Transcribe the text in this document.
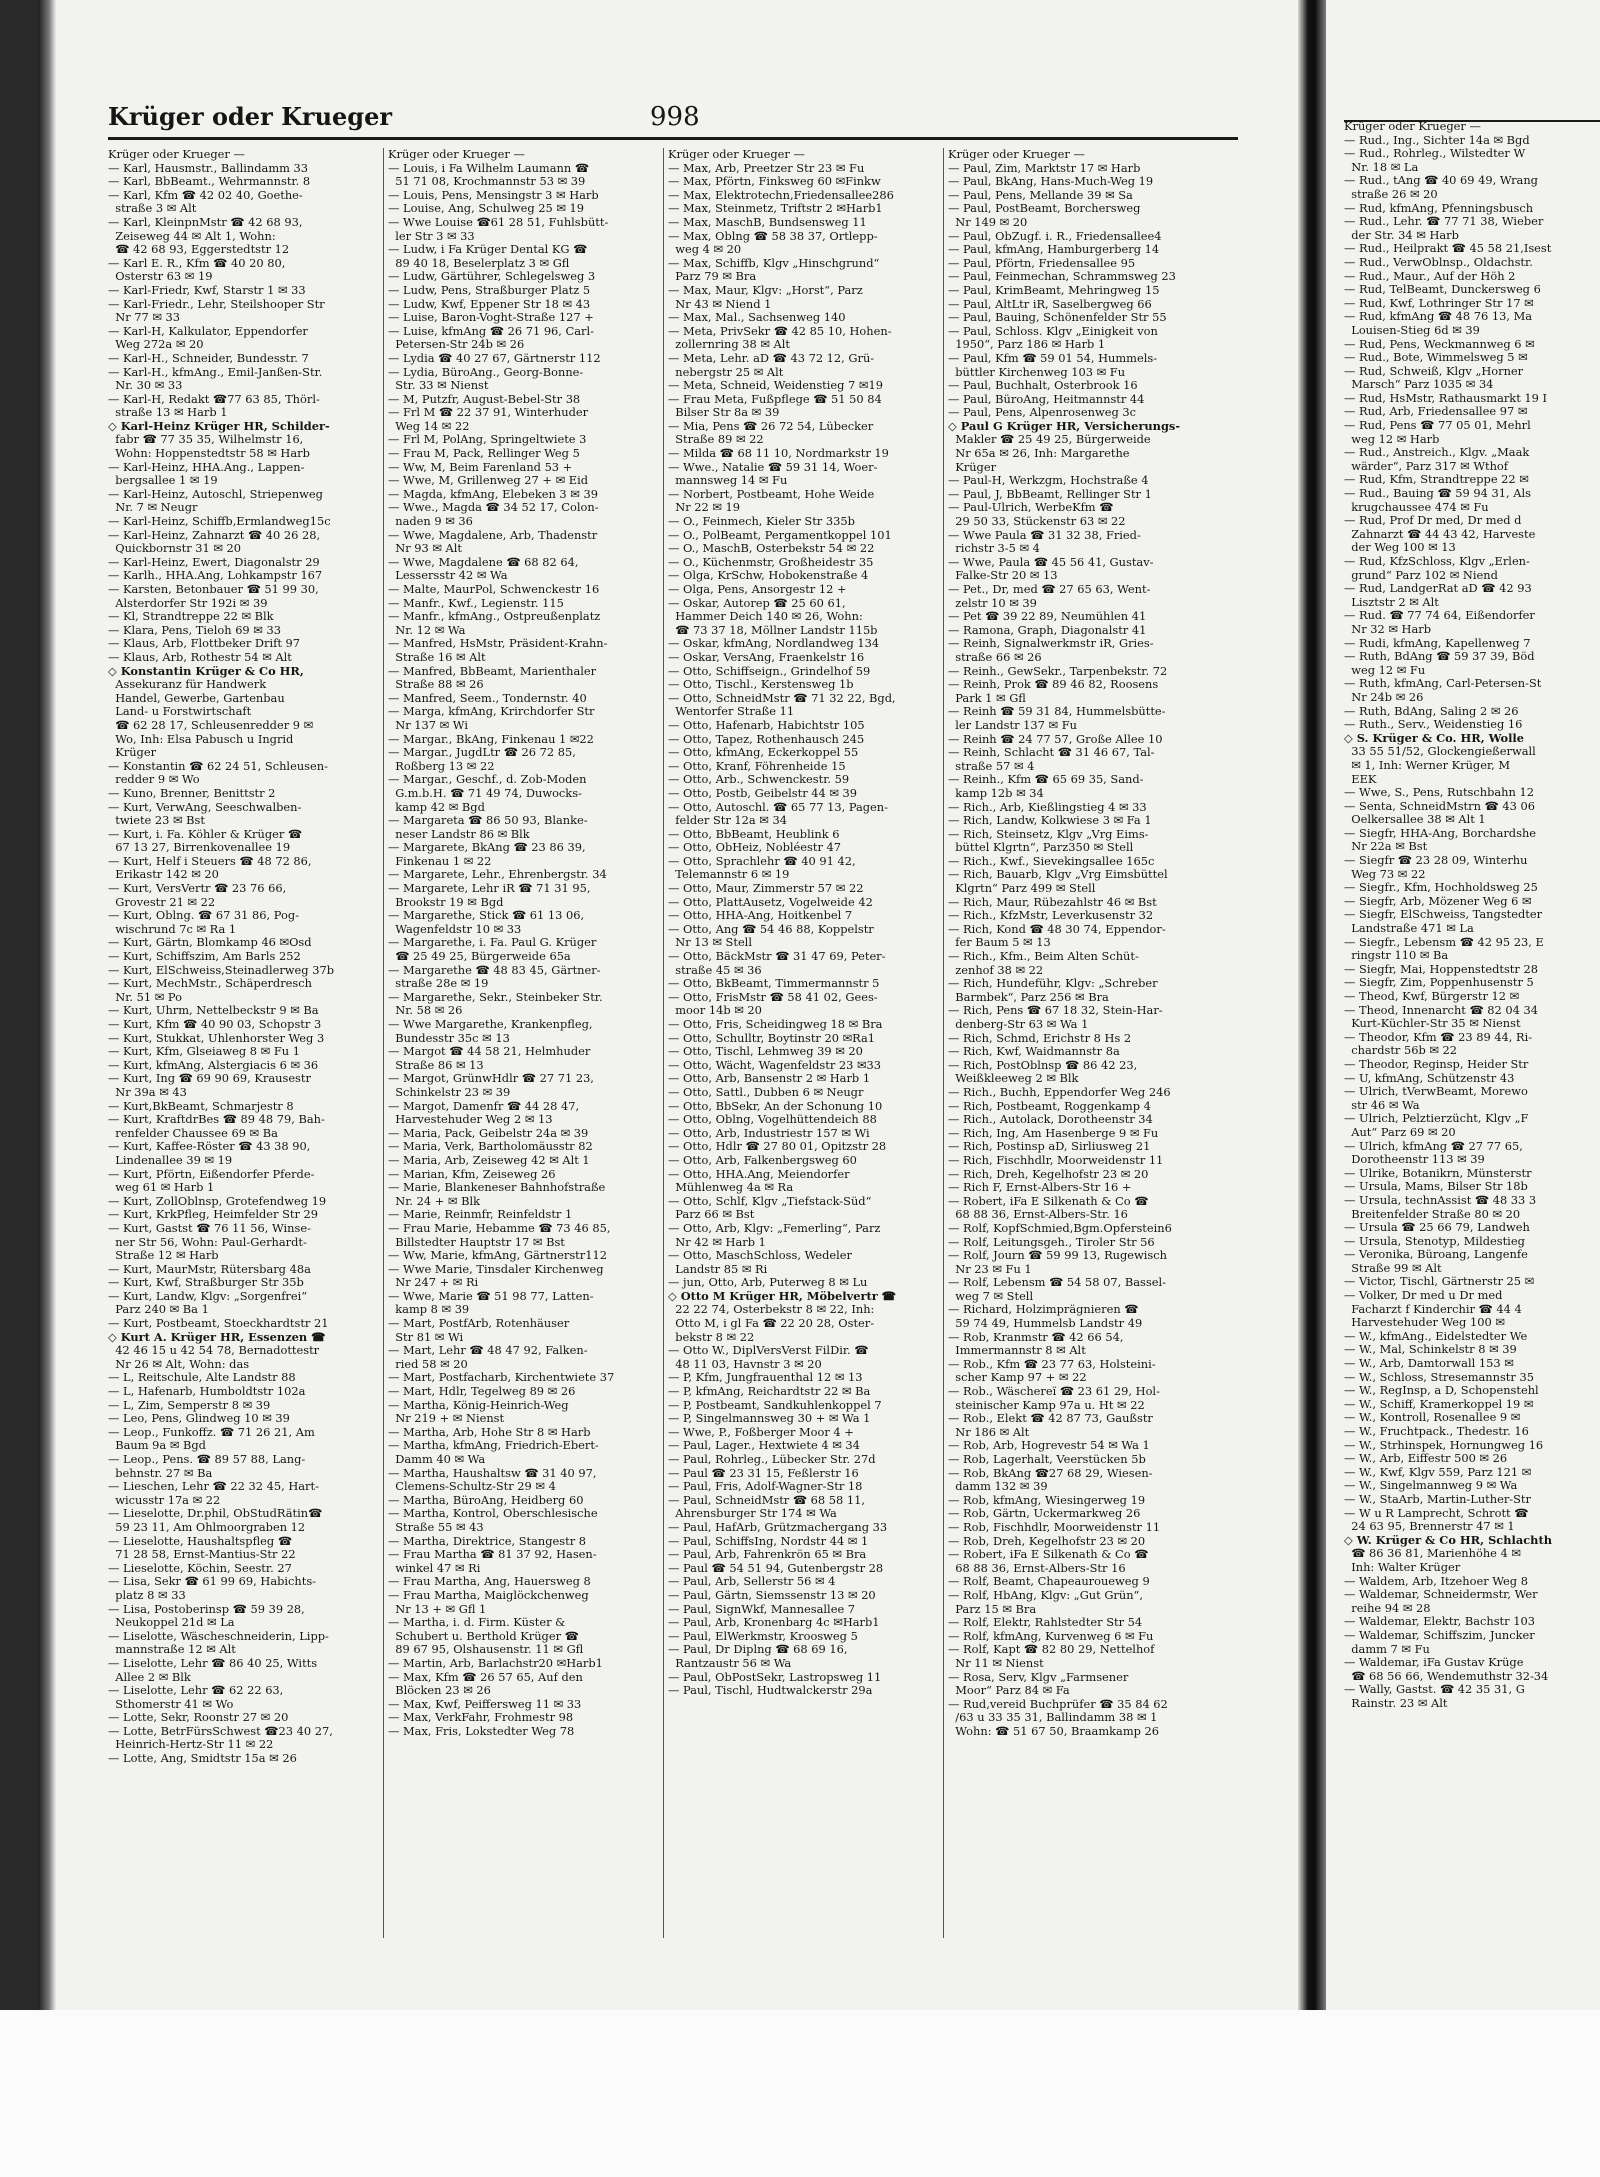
Krüger oder Krueger	998
Krüger oder Krueger —
— Karl, Hausmstr., Ballindamm 33
— Karl, BbBeamt., Wehrmannstr. 8
— Karl, Kfm ☎ 42 02 40, Goethe-
straße 3 ✉ Alt
— Karl, KleinpnMstr ☎ 42 68 93,
Zeiseweg 44 ✉ Alt 1, Wohn:
☎ 42 68 93, Eggerstedtstr 12
— Karl E. R., Kfm ☎ 40 20 80,
Osterstr 63 ✉ 19
— Karl-Friedr, Kwf, Starstr 1 ✉ 33
— Karl-Friedr., Lehr, Steilshooper Str
Nr 77 ✉ 33
— Karl-H, Kalkulator, Eppendorfer
Weg 272a ✉ 20
— Karl-H., Schneider, Bundesstr. 7
— Karl-H., kfmAng., Emil-Janßen-Str.
Nr. 30 ✉ 33
— Karl-H, Redakt ☎77 63 85, Thörl-
straße 13 ✉ Harb 1
◇ Karl-Heinz Krüger HR, Schilder-
fabr ☎ 77 35 35, Wilhelmstr 16,
Wohn: Hoppenstedtstr 58 ✉ Harb
— Karl-Heinz, HHA.Ang., Lappen-
bergsallee 1 ✉ 19
— Karl-Heinz, Autoschl, Striepenweg
Nr. 7 ✉ Neugr
— Karl-Heinz, Schiffb,Ermlandweg15c
— Karl-Heinz, Zahnarzt ☎ 40 26 28,
Quickbornstr 31 ✉ 20
— Karl-Heinz, Ewert, Diagonalstr 29
— Karlh., HHA.Ang, Lohkampstr 167
— Karsten, Betonbauer ☎ 51 99 30,
Alsterdorfer Str 192i ✉ 39
— Kl, Strandtreppe 22 ✉ Blk
— Klara, Pens, Tieloh 69 ✉ 33
— Klaus, Arb, Flottbeker Drift 97
— Klaus, Arb, Rothestr 54 ✉ Alt
◇ Konstantin Krüger & Co HR,
Assekuranz für Handwerk
Handel, Gewerbe, Gartenbau
Land- u Forstwirtschaft
☎ 62 28 17, Schleusenredder 9 ✉
Wo, Inh: Elsa Pabusch u Ingrid
Krüger
— Konstantin ☎ 62 24 51, Schleusen-
redder 9 ✉ Wo
— Kuno, Brenner, Benittstr 2
— Kurt, VerwAng, Seeschwalben-
twiete 23 ✉ Bst
— Kurt, i. Fa. Köhler & Krüger ☎
67 13 27, Birrenkovenallee 19
— Kurt, Helf i Steuers ☎ 48 72 86,
Erikastr 142 ✉ 20
— Kurt, VersVertr ☎ 23 76 66,
Grovestr 21 ✉ 22
— Kurt, Oblng. ☎ 67 31 86, Pog-
wischrund 7c ✉ Ra 1
— Kurt, Gärtn, Blomkamp 46 ✉Osd
— Kurt, Schiffszim, Am Barls 252
— Kurt, ElSchweiss,Steinadlerweg 37b
— Kurt, MechMstr., Schäperdresch
Nr. 51 ✉ Po
— Kurt, Uhrm, Nettelbeckstr 9 ✉ Ba
— Kurt, Kfm ☎ 40 90 03, Schopstr 3
— Kurt, Stukkat, Uhlenhorster Weg 3
— Kurt, Kfm, Glseiaweg 8 ✉ Fu 1
— Kurt, kfmAng, Alstergiacis 6 ✉ 36
— Kurt, Ing ☎ 69 90 69, Krausestr
Nr 39a ✉ 43
— Kurt,BkBeamt, Schmarjestr 8
— Kurt, KraftdrBes ☎ 89 48 79, Bah-
renfelder Chaussee 69 ✉ Ba
— Kurt, Kaffee-Röster ☎ 43 38 90,
Lindenallee 39 ✉ 19
— Kurt, Pförtn, Eißendorfer Pferde-
weg 61 ✉ Harb 1
— Kurt, ZollOblnsp, Grotefendweg 19
— Kurt, KrkPfleg, Heimfelder Str 29
— Kurt, Gastst ☎ 76 11 56, Winse-
ner Str 56, Wohn: Paul-Gerhardt-
Straße 12 ✉ Harb
— Kurt, MaurMstr, Rütersbarg 48a
— Kurt, Kwf, Straßburger Str 35b
— Kurt, Landw, Klgv: „Sorgenfrei“
Parz 240 ✉ Ba 1
— Kurt, Postbeamt, Stoeckhardtstr 21
◇ Kurt A. Krüger HR, Essenzen ☎
42 46 15 u 42 54 78, Bernadottestr
Nr 26 ✉ Alt, Wohn: das
— L, Reitschule, Alte Landstr 88
— L, Hafenarb, Humboldtstr 102a
— L, Zim, Semperstr 8 ✉ 39
— Leo, Pens, Glindweg 10 ✉ 39
— Leop., Funkoffz. ☎ 71 26 21, Am
Baum 9a ✉ Bgd
— Leop., Pens. ☎ 89 57 88, Lang-
behnstr. 27 ✉ Ba
— Lieschen, Lehr ☎ 22 32 45, Hart-
wicusstr 17a ✉ 22
— Lieselotte, Dr.phil, ObStudRätin☎
59 23 11, Am Ohlmoorgraben 12
— Lieselotte, Haushaltspfleg ☎
71 28 58, Ernst-Mantius-Str 22
— Lieselotte, Köchin, Seestr. 27
— Lisa, Sekr ☎ 61 99 69, Habichts-
platz 8 ✉ 33
— Lisa, Postoberinsp ☎ 59 39 28,
Neukoppel 21d ✉ La
— Liselotte, Wäscheschneiderin, Lipp-
mannstraße 12 ✉ Alt
— Liselotte, Lehr ☎ 86 40 25, Witts
Allee 2 ✉ Blk
— Liselotte, Lehr ☎ 62 22 63,
Sthomerstr 41 ✉ Wo
— Lotte, Sekr, Roonstr 27 ✉ 20
— Lotte, BetrFürsSchwest ☎23 40 27,
Heinrich-Hertz-Str 11 ✉ 22
— Lotte, Ang, Smidtstr 15a ✉ 26
Krüger oder Krueger —
— Louis, i Fa Wilhelm Laumann ☎
51 71 08, Krochmannstr 53 ✉ 39
— Louis, Pens, Mensingstr 3 ✉ Harb
— Louise, Ang, Schulweg 25 ✉ 19
— Wwe Louise ☎61 28 51, Fuhlsbütt-
ler Str 3 ✉ 33
— Ludw, i Fa Krüger Dental KG ☎
89 40 18, Beselerplatz 3 ✉ Gfl
— Ludw, Gärtührer, Schlegelsweg 3
— Ludw, Pens, Straßburger Platz 5
— Ludw, Kwf, Eppener Str 18 ✉ 43
— Luise, Baron-Voght-Straße 127 +
— Luise, kfmAng ☎ 26 71 96, Carl-
Petersen-Str 24b ✉ 26
— Lydia ☎ 40 27 67, Gärtnerstr 112
— Lydia, BüroAng., Georg-Bonne-
Str. 33 ✉ Nienst
— M, Putzfr, August-Bebel-Str 38
— Frl M ☎ 22 37 91, Winterhuder
Weg 14 ✉ 22
— Frl M, PolAng, Springeltwiete 3
— Frau M, Pack, Rellinger Weg 5
— Ww, M, Beim Farenland 53 +
— Wwe, M, Grillenweg 27 + ✉ Eid
— Magda, kfmAng, Elebeken 3 ✉ 39
— Wwe., Magda ☎ 34 52 17, Colon-
naden 9 ✉ 36
— Wwe, Magdalene, Arb, Thadenstr
Nr 93 ✉ Alt
— Wwe, Magdalene ☎ 68 82 64,
Lessersstr 42 ✉ Wa
— Malte, MaurPol, Schwenckestr 16
— Manfr., Kwf., Legienstr. 115
— Manfr., kfmAng., Ostpreußenplatz
Nr. 12 ✉ Wa
— Manfred, HsMstr, Präsident-Krahn-
Straße 16 ✉ Alt
— Manfred, BbBeamt, Marienthaler
Straße 88 ✉ 26
— Manfred, Seem., Tondernstr. 40
— Marga, kfmAng, Krirchdorfer Str
Nr 137 ✉ Wi
— Margar., BkAng, Finkenau 1 ✉22
— Margar., JugdLtr ☎ 26 72 85,
Roßberg 13 ✉ 22
— Margar., Geschf., d. Zob-Moden
G.m.b.H. ☎ 71 49 74, Duwocks-
kamp 42 ✉ Bgd
— Margareta ☎ 86 50 93, Blanke-
neser Landstr 86 ✉ Blk
— Margarete, BkAng ☎ 23 86 39,
Finkenau 1 ✉ 22
— Margarete, Lehr., Ehrenbergstr. 34
— Margarete, Lehr iR ☎ 71 31 95,
Brookstr 19 ✉ Bgd
— Margarethe, Stick ☎ 61 13 06,
Wagenfeldstr 10 ✉ 33
— Margarethe, i. Fa. Paul G. Krüger
☎ 25 49 25, Bürgerweide 65a
— Margarethe ☎ 48 83 45, Gärtner-
straße 28e ✉ 19
— Margarethe, Sekr., Steinbeker Str.
Nr. 58 ✉ 26
— Wwe Margarethe, Krankenpfleg,
Bundesstr 35c ✉ 13
— Margot ☎ 44 58 21, Helmhuder
Straße 86 ✉ 13
— Margot, GrünwHdlr ☎ 27 71 23,
Schinkelstr 23 ✉ 39
— Margot, Damenfr ☎ 44 28 47,
Harvestehuder Weg 2 ✉ 13
— Maria, Pack, Geibelstr 24a ✉ 39
— Maria, Verk, Bartholomäusstr 82
— Maria, Arb, Zeiseweg 42 ✉ Alt 1
— Marian, Kfm, Zeiseweg 26
— Marie, Blankeneser Bahnhofstraße
Nr. 24 + ✉ Blk
— Marie, Reinmfr, Reinfeldstr 1
— Frau Marie, Hebamme ☎ 73 46 85,
Billstedter Hauptstr 17 ✉ Bst
— Ww, Marie, kfmAng, Gärtnerstr112
— Wwe Marie, Tinsdaler Kirchenweg
Nr 247 + ✉ Ri
— Wwe, Marie ☎ 51 98 77, Latten-
kamp 8 ✉ 39
— Mart, PostfArb, Rotenhäuser
Str 81 ✉ Wi
— Mart, Lehr ☎ 48 47 92, Falken-
ried 58 ✉ 20
— Mart, Postfacharb, Kirchentwiete 37
— Mart, Hdlr, Tegelweg 89 ✉ 26
— Martha, König-Heinrich-Weg
Nr 219 + ✉ Nienst
— Martha, Arb, Hohe Str 8 ✉ Harb
— Martha, kfmAng, Friedrich-Ebert-
Damm 40 ✉ Wa
— Martha, Haushaltsw ☎ 31 40 97,
Clemens-Schultz-Str 29 ✉ 4
— Martha, BüroAng, Heidberg 60
— Martha, Kontrol, Oberschlesische
Straße 55 ✉ 43
— Martha, Direktrice, Stangestr 8
— Frau Martha ☎ 81 37 92, Hasen-
winkel 47 ✉ Ri
— Frau Martha, Ang, Hauersweg 8
— Frau Martha, Maiglöckchenweg
Nr 13 + ✉ Gfl 1
— Martha, i. d. Firm. Küster &
Schubert u. Berthold Krüger ☎
89 67 95, Olshausenstr. 11 ✉ Gfl
— Martin, Arb, Barlachstr20 ✉Harb1
— Max, Kfm ☎ 26 57 65, Auf den
Blöcken 23 ✉ 26
— Max, Kwf, Peiffersweg 11 ✉ 33
— Max, VerkFahr, Frohmestr 98
— Max, Fris, Lokstedter Weg 78
Krüger oder Krueger —
— Max, Arb, Preetzer Str 23 ✉ Fu
— Max, Pförtn, Finksweg 60 ✉Finkw
— Max, Elektrotechn,Friedensallee286
— Max, Steinmetz, Triftstr 2 ✉Harb1
— Max, MaschB, Bundsensweg 11
— Max, Oblng ☎ 58 38 37, Ortlepp-
weg 4 ✉ 20
— Max, Schiffb, Klgv „Hinschgrund“
Parz 79 ✉ Bra
— Max, Maur, Klgv: „Horst“, Parz
Nr 43 ✉ Niend 1
— Max, Mal., Sachsenweg 140
— Meta, PrivSekr ☎ 42 85 10, Hohen-
zollernring 38 ✉ Alt
— Meta, Lehr. aD ☎ 43 72 12, Grü-
nebergstr 25 ✉ Alt
— Meta, Schneid, Weidenstieg 7 ✉19
— Frau Meta, Fußpflege ☎ 51 50 84
Bilser Str 8a ✉ 39
— Mia, Pens ☎ 26 72 54, Lübecker
Straße 89 ✉ 22
— Milda ☎ 68 11 10, Nordmarkstr 19
— Wwe., Natalie ☎ 59 31 14, Woer-
mannsweg 14 ✉ Fu
— Norbert, Postbeamt, Hohe Weide
Nr 22 ✉ 19
— O., Feinmech, Kieler Str 335b
— O., PolBeamt, Pergamentkoppel 101
— O., MaschB, Osterbekstr 54 ✉ 22
— O., Küchenmstr, Großheidestr 35
— Olga, KrSchw, Hobokenstraße 4
— Olga, Pens, Ansorgestr 12 +
— Oskar, Autorep ☎ 25 60 61,
Hammer Deich 140 ✉ 26, Wohn:
☎ 73 37 18, Möllner Landstr 115b
— Oskar, kfmAng, Nordlandweg 134
— Oskar, VersAng, Fraenkelstr 16
— Otto, Schiffseign., Grindelhof 59
— Otto, Tischl., Kerstensweg 1b
— Otto, SchneidMstr ☎ 71 32 22, Bgd,
Wentorfer Straße 11
— Otto, Hafenarb, Habichtstr 105
— Otto, Tapez, Rothenhausch 245
— Otto, kfmAng, Eckerkoppel 55
— Otto, Kranf, Föhrenheide 15
— Otto, Arb., Schwenckestr. 59
— Otto, Postb, Geibelstr 44 ✉ 39
— Otto, Autoschl. ☎ 65 77 13, Pagen-
felder Str 12a ✉ 34
— Otto, BbBeamt, Heublink 6
— Otto, ObHeiz, Nobléestr 47
— Otto, Sprachlehr ☎ 40 91 42,
Telemannstr 6 ✉ 19
— Otto, Maur, Zimmerstr 57 ✉ 22
— Otto, PlattAusetz, Vogelweide 42
— Otto, HHA-Ang, Hoitkenbel 7
— Otto, Ang ☎ 54 46 88, Koppelstr
Nr 13 ✉ Stell
— Otto, BäckMstr ☎ 31 47 69, Peter-
straße 45 ✉ 36
— Otto, BkBeamt, Timmermannstr 5
— Otto, FrisMstr ☎ 58 41 02, Gees-
moor 14b ✉ 20
— Otto, Fris, Scheidingweg 18 ✉ Bra
— Otto, Schulltr, Boytinstr 20 ✉Ra1
— Otto, Tischl, Lehmweg 39 ✉ 20
— Otto, Wächt, Wagenfeldstr 23 ✉33
— Otto, Arb, Bansenstr 2 ✉ Harb 1
— Otto, Sattl., Dubben 6 ✉ Neugr
— Otto, BbSekr, An der Schonung 10
— Otto, Oblng, Vogelhüttendeich 88
— Otto, Arb, Industriestr 157 ✉ Wi
— Otto, Hdlr ☎ 27 80 01, Opitzstr 28
— Otto, Arb, Falkenbergsweg 60
— Otto, HHA.Ang, Meiendorfer
Mühlenweg 4a ✉ Ra
— Otto, Schlf, Klgv „Tiefstack-Süd“
Parz 66 ✉ Bst
— Otto, Arb, Klgv: „Femerling“, Parz
Nr 42 ✉ Harb 1
— Otto, MaschSchloss, Wedeler
Landstr 85 ✉ Ri
— jun, Otto, Arb, Puterweg 8 ✉ Lu
◇ Otto M Krüger HR, Möbelvertr ☎
22 22 74, Osterbekstr 8 ✉ 22, Inh:
Otto M, i gl Fa ☎ 22 20 28, Oster-
bekstr 8 ✉ 22
— Otto W., DiplVersVerst FilDir. ☎
48 11 03, Havnstr 3 ✉ 20
— P, Kfm, Jungfrauenthal 12 ✉ 13
— P, kfmAng, Reichardtstr 22 ✉ Ba
— P, Postbeamt, Sandkuhlenkoppel 7
— P, Singelmannsweg 30 + ✉ Wa 1
— Wwe, P., Foßberger Moor 4 +
— Paul, Lager., Hextwiete 4 ✉ 34
— Paul, Rohrleg., Lübecker Str. 27d
— Paul ☎ 23 31 15, Feßlerstr 16
— Paul, Fris, Adolf-Wagner-Str 18
— Paul, SchneidMstr ☎ 68 58 11,
Ahrensburger Str 174 ✉ Wa
— Paul, HafArb, Grützmachergang 33
— Paul, SchiffsIng, Nordstr 44 ✉ 1
— Paul, Arb, Fahrenkrön 65 ✉ Bra
— Paul ☎ 54 51 94, Gutenbergstr 28
— Paul, Arb, Sellerstr 56 ✉ 4
— Paul, Gärtn, Siemssenstr 13 ✉ 20
— Paul, SignWkf, Mannesallee 7
— Paul, Arb, Kronenbarg 4c ✉Harb1
— Paul, ElWerkmstr, Kroosweg 5
— Paul, Dr Diplng ☎ 68 69 16,
Rantzaustr 56 ✉ Wa
— Paul, ObPostSekr, Lastropsweg 11
— Paul, Tischl, Hudtwalckerstr 29a
Krüger oder Krueger —
— Paul, Zim, Marktstr 17 ✉ Harb
— Paul, BkAng, Hans-Much-Weg 19
— Paul, Pens, Mellande 39 ✉ Sa
— Paul, PostBeamt, Borchersweg
Nr 149 ✉ 20
— Paul, ObZugf. i. R., Friedensallee4
— Paul, kfmAng, Hamburgerberg 14
— Paul, Pförtn, Friedensallee 95
— Paul, Feinmechan, Schrammsweg 23
— Paul, KrimBeamt, Mehringweg 15
— Paul, AltLtr iR, Saselbergweg 66
— Paul, Bauing, Schönenfelder Str 55
— Paul, Schloss. Klgv „Einigkeit von
1950“, Parz 186 ✉ Harb 1
— Paul, Kfm ☎ 59 01 54, Hummels-
büttler Kirchenweg 103 ✉ Fu
— Paul, Buchhalt, Osterbrook 16
— Paul, BüroAng, Heitmannstr 44
— Paul, Pens, Alpenrosenweg 3c
◇ Paul G Krüger HR, Versicherungs-
Makler ☎ 25 49 25, Bürgerweide
Nr 65a ✉ 26, Inh: Margarethe
Krüger
— Paul-H, Werkzgm, Hochstraße 4
— Paul, J, BbBeamt, Rellinger Str 1
— Paul-Ulrich, WerbeKfm ☎
29 50 33, Stückenstr 63 ✉ 22
— Wwe Paula ☎ 31 32 38, Fried-
richstr 3-5 ✉ 4
— Wwe, Paula ☎ 45 56 41, Gustav-
Falke-Str 20 ✉ 13
— Pet., Dr, med ☎ 27 65 63, Went-
zelstr 10 ✉ 39
— Pet ☎ 39 22 89, Neumühlen 41
— Ramona, Graph, Diagonalstr 41
— Reinh, Signalwerkmstr iR, Gries-
straße 66 ✉ 26
— Reinh., GewSekr., Tarpenbekstr. 72
— Reinh, Prok ☎ 89 46 82, Roosens
Park 1 ✉ Gfl
— Reinh ☎ 59 31 84, Hummelsbütte-
ler Landstr 137 ✉ Fu
— Reinh ☎ 24 77 57, Große Allee 10
— Reinh, Schlacht ☎ 31 46 67, Tal-
straße 57 ✉ 4
— Reinh., Kfm ☎ 65 69 35, Sand-
kamp 12b ✉ 34
— Rich., Arb, Kießlingstieg 4 ✉ 33
— Rich, Landw, Kolkwiese 3 ✉ Fa 1
— Rich, Steinsetz, Klgv „Vrg Eims-
büttel Klgrtn“, Parz350 ✉ Stell
— Rich., Kwf., Sievekingsallee 165c
— Rich, Bauarb, Klgv „Vrg Eimsbüttel
Klgrtn“ Parz 499 ✉ Stell
— Rich, Maur, Rübezahlstr 46 ✉ Bst
— Rich., KfzMstr, Leverkusenstr 32
— Rich, Kond ☎ 48 30 74, Eppendor-
fer Baum 5 ✉ 13
— Rich., Kfm., Beim Alten Schüt-
zenhof 38 ✉ 22
— Rich, Hundeführ, Klgv: „Schreber
Barmbek“, Parz 256 ✉ Bra
— Rich, Pens ☎ 67 18 32, Stein-Har-
denberg-Str 63 ✉ Wa 1
— Rich, Schmd, Erichstr 8 Hs 2
— Rich, Kwf, Waidmannstr 8a
— Rich, PostOblnsp ☎ 86 42 23,
Weißkleeweg 2 ✉ Blk
— Rich., Buchh, Eppendorfer Weg 246
— Rich, Postbeamt, Roggenkamp 4
— Rich., Autolack, Dorotheenstr 34
— Rich, Ing, Am Hasenberge 9 ✉ Fu
— Rich, Postinsp aD, Sirliusweg 21
— Rich, Fischhdlr, Moorweidenstr 11
— Rich, Dreh, Kegelhofstr 23 ✉ 20
— Rich F, Ernst-Albers-Str 16 +
— Robert, iFa E Silkenath & Co ☎
68 88 36, Ernst-Albers-Str. 16
— Rolf, KopfSchmied,Bgm.Opferstein6
— Rolf, Leitungsgeh., Tiroler Str 56
— Rolf, Journ ☎ 59 99 13, Rugewisch
Nr 23 ✉ Fu 1
— Rolf, Lebensm ☎ 54 58 07, Bassel-
weg 7 ✉ Stell
— Richard, Holzimprägnieren ☎
59 74 49, Hummelsb Landstr 49
— Rob, Kranmstr ☎ 42 66 54,
Immermannstr 8 ✉ Alt
— Rob., Kfm ☎ 23 77 63, Holsteini-
scher Kamp 97 + ✉ 22
— Rob., Wäschereï ☎ 23 61 29, Hol-
steinischer Kamp 97a u. Ht ✉ 22
— Rob., Elekt ☎ 42 87 73, Gaußstr
Nr 186 ✉ Alt
— Rob, Arb, Hogrevestr 54 ✉ Wa 1
— Rob, Lagerhalt, Veerstücken 5b
— Rob, BkAng ☎27 68 29, Wiesen-
damm 132 ✉ 39
— Rob, kfmAng, Wiesingerweg 19
— Rob, Gärtn, Uckermarkweg 26
— Rob, Fischhdlr, Moorweidenstr 11
— Rob, Dreh, Kegelhofstr 23 ✉ 20
— Robert, iFa E Silkenath & Co ☎
68 88 36, Ernst-Albers-Str 16
— Rolf, Beamt, Chapeauroueweg 9
— Rolf, HbAng, Klgv: „Gut Grün“,
Parz 15 ✉ Bra
— Rolf, Elektr, Rahlstedter Str 54
— Rolf, kfmAng, Kurvenweg 6 ✉ Fu
— Rolf, Kapt ☎ 82 80 29, Nettelhof
Nr 11 ✉ Nienst
— Rosa, Serv, Klgv „Farmsener
Moor“ Parz 84 ✉ Fa
— Rud,vereid Buchprüfer ☎ 35 84 62
/63 u 33 35 31, Ballindamm 38 ✉ 1
Wohn: ☎ 51 67 50, Braamkamp 26
Krüger oder Krueger —
— Rud., Ing., Sichter 14a ✉ Bgd
— Rud., Rohrleg., Wilstedter W
Nr. 18 ✉ La
— Rud., tAng ☎ 40 69 49, Wrang
straße 26 ✉ 20
— Rud, kfmAng, Pfenningsbusch
— Rud., Lehr. ☎ 77 71 38, Wieber
der Str. 34 ✉ Harb
— Rud., Heilprakt ☎ 45 58 21,Isest
— Rud., VerwOblnsp., Oldachstr.
— Rud., Maur., Auf der Höh 2
— Rud, TelBeamt, Dunckersweg 6
— Rud, Kwf, Lothringer Str 17 ✉
— Rud, kfmAng ☎ 48 76 13, Ma
Louisen-Stieg 6d ✉ 39
— Rud, Pens, Weckmannweg 6 ✉
— Rud., Bote, Wimmelsweg 5 ✉
— Rud, Schweiß, Klgv „Horner
Marsch“ Parz 1035 ✉ 34
— Rud, HsMstr, Rathausmarkt 19 I
— Rud, Arb, Friedensallee 97 ✉
— Rud, Pens ☎ 77 05 01, Mehrl
weg 12 ✉ Harb
— Rud., Anstreich., Klgv. „Maak
wärder“, Parz 317 ✉ Wthof
— Rud, Kfm, Strandtreppe 22 ✉
— Rud., Bauing ☎ 59 94 31, Als
krugchaussee 474 ✉ Fu
— Rud, Prof Dr med, Dr med d
Zahnarzt ☎ 44 43 42, Harveste
der Weg 100 ✉ 13
— Rud, KfzSchloss, Klgv „Erlen-
grund“ Parz 102 ✉ Niend
— Rud, LandgerRat aD ☎ 42 93
Lisztstr 2 ✉ Alt
— Rud. ☎ 77 74 64, Eißendorfer
Nr 32 ✉ Harb
— Rudi, kfmAng, Kapellenweg 7
— Ruth, BdAng ☎ 59 37 39, Böd
weg 12 ✉ Fu
— Ruth, kfmAng, Carl-Petersen-St
Nr 24b ✉ 26
— Ruth, BdAng, Saling 2 ✉ 26
— Ruth., Serv., Weidenstieg 16
◇ S. Krüger & Co. HR, Wolle
33 55 51/52, Glockengießerwall
✉ 1, Inh: Werner Krüger, M
EEK
— Wwe, S., Pens, Rutschbahn 12
— Senta, SchneidMstrn ☎ 43 06
Oelkersallee 38 ✉ Alt 1
— Siegfr, HHA-Ang, Borchardshe
Nr 22a ✉ Bst
— Siegfr ☎ 23 28 09, Winterhu
Weg 73 ✉ 22
— Siegfr., Kfm, Hochholdsweg 25
— Siegfr, Arb, Mözener Weg 6 ✉
— Siegfr, ElSchweiss, Tangstedter
Landstraße 471 ✉ La
— Siegfr., Lebensm ☎ 42 95 23, E
ringstr 110 ✉ Ba
— Siegfr, Mai, Hoppenstedtstr 28
— Siegfr, Zim, Poppenhusenstr 5
— Theod, Kwf, Bürgerstr 12 ✉
— Theod, Innenarcht ☎ 82 04 34
Kurt-Küchler-Str 35 ✉ Nienst
— Theodor, Kfm ☎ 23 89 44, Ri-
chardstr 56b ✉ 22
— Theodor, Reginsp, Heider Str
— U, kfmAng, Schützenstr 43
— Ulrich, tVerwBeamt, Morewo
str 46 ✉ Wa
— Ulrich, Pelztierzücht, Klgv „F
Aut“ Parz 69 ✉ 20
— Ulrich, kfmAng ☎ 27 77 65,
Dorotheenstr 113 ✉ 39
— Ulrike, Botanikrn, Münsterstr
— Ursula, Mams, Bilser Str 18b
— Ursula, technAssist ☎ 48 33 3
Breitenfelder Straße 80 ✉ 20
— Ursula ☎ 25 66 79, Landweh
— Ursula, Stenotyp, Mildestieg
— Veronika, Büroang, Langenfe
Straße 99 ✉ Alt
— Victor, Tischl, Gärtnerstr 25 ✉
— Volker, Dr med u Dr med
Facharzt f Kinderchir ☎ 44 4
Harvestehuder Weg 100 ✉
— W., kfmAng., Eidelstedter We
— W., Mal, Schinkelstr 8 ✉ 39
— W., Arb, Damtorwall 153 ✉
— W., Schloss, Stresemannstr 35
— W., RegInsp, a D, Schopenstehl
— W., Schiff, Kramerkoppel 19 ✉
— W., Kontroll, Rosenallee 9 ✉
— W., Fruchtpack., Thedestr. 16
— W., Strhinspek, Hornungweg 16
— W., Arb, Eiffestr 500 ✉ 26
— W., Kwf, Klgv 559, Parz 121 ✉
— W., Singelmannweg 9 ✉ Wa
— W., StaArb, Martin-Luther-Str
— W u R Lamprecht, Schrott ☎
24 63 95, Brennerstr 47 ✉ 1
◇ W. Krüger & Co HR, Schlachth
☎ 86 36 81, Marienhöhe 4 ✉
Inh: Walter Krüger
— Waldem, Arb, Itzehoer Weg 8
— Waldemar, Schneidermstr, Wer
reihe 94 ✉ 28
— Waldemar, Elektr, Bachstr 103
— Waldemar, Schiffszim, Juncker
damm 7 ✉ Fu
— Waldemar, iFa Gustav Krüge
☎ 68 56 66, Wendemuthstr 32-34
— Wally, Gastst. ☎ 42 35 31, G
Rainstr. 23 ✉ Alt
